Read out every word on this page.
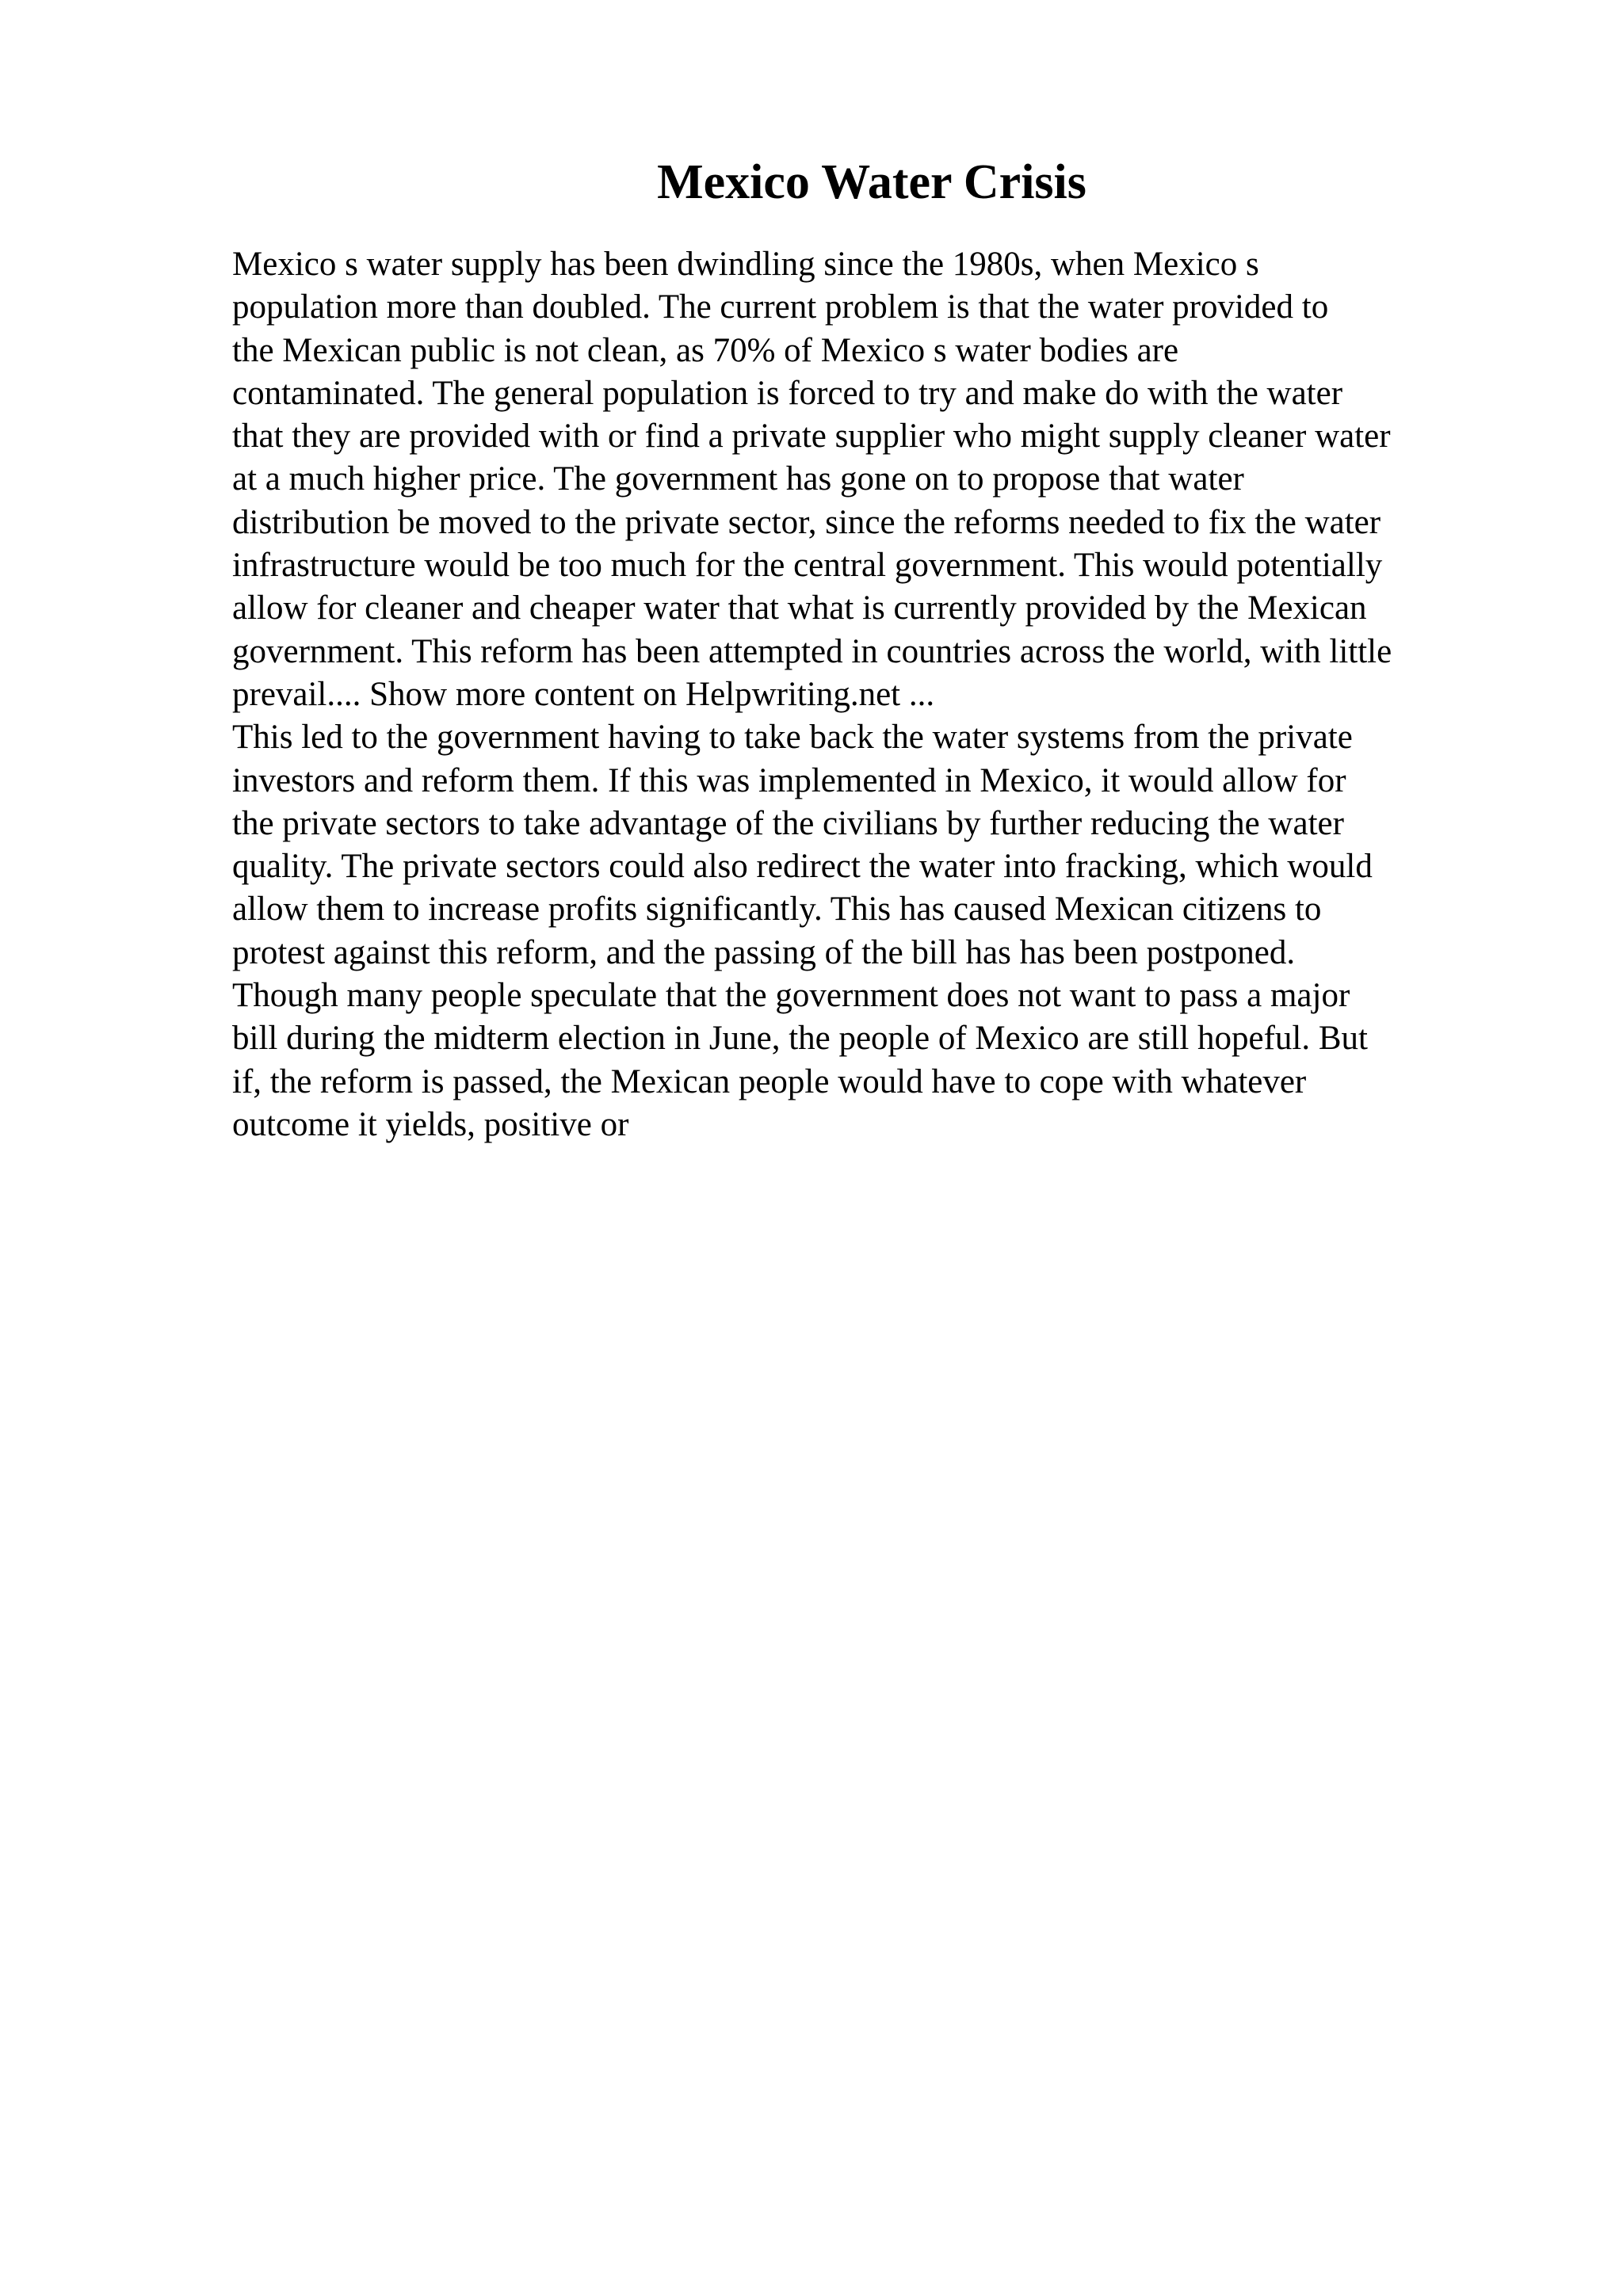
Mexico Water Crisis
Mexico s water supply has been dwindling since the 1980s, when Mexico s
population more than doubled. The current problem is that the water provided to
the Mexican public is not clean, as 70% of Mexico s water bodies are
contaminated. The general population is forced to try and make do with the water
that they are provided with or find a private supplier who might supply cleaner water
at a much higher price. The government has gone on to propose that water
distribution be moved to the private sector, since the reforms needed to fix the water
infrastructure would be too much for the central government. This would potentially
allow for cleaner and cheaper water that what is currently provided by the Mexican
government. This reform has been attempted in countries across the world, with little
prevail.... Show more content on Helpwriting.net ...
This led to the government having to take back the water systems from the private
investors and reform them. If this was implemented in Mexico, it would allow for
the private sectors to take advantage of the civilians by further reducing the water
quality. The private sectors could also redirect the water into fracking, which would
allow them to increase profits significantly. This has caused Mexican citizens to
protest against this reform, and the passing of the bill has has been postponed.
Though many people speculate that the government does not want to pass a major
bill during the midterm election in June, the people of Mexico are still hopeful. But
if, the reform is passed, the Mexican people would have to cope with whatever
outcome it yields, positive or
